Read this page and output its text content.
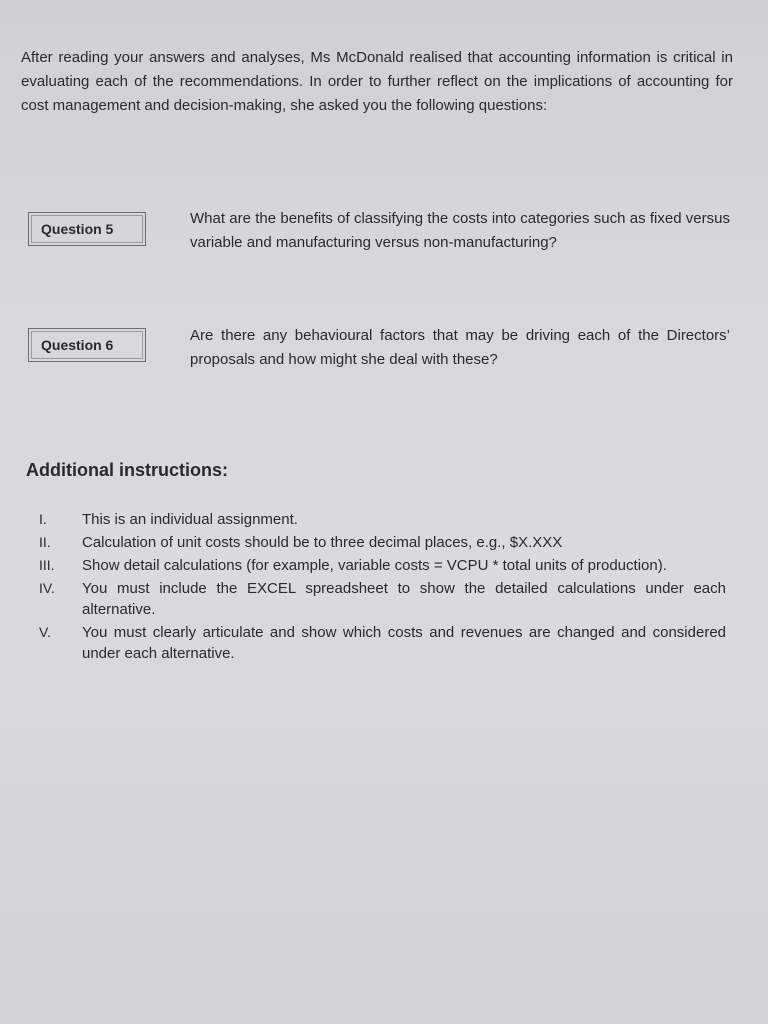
After reading your answers and analyses, Ms McDonald realised that accounting information is critical in evaluating each of the recommendations. In order to further reflect on the implications of accounting for cost management and decision-making, she asked you the following questions:

Question 5

What are the benefits of classifying the costs into categories such as fixed versus variable and manufacturing versus non-manufacturing?

Question 6

Are there any behavioural factors that may be driving each of the Directors’ proposals and how might she deal with these?

Additional instructions:
I.	This is an individual assignment.
II.	Calculation of unit costs should be to three decimal places, e.g., $X.XXX
III.	Show detail calculations (for example, variable costs = VCPU * total units of production).
IV.	You must include the EXCEL spreadsheet to show the detailed calculations under each alternative.
V.	You must clearly articulate and show which costs and revenues are changed and considered under each alternative.
